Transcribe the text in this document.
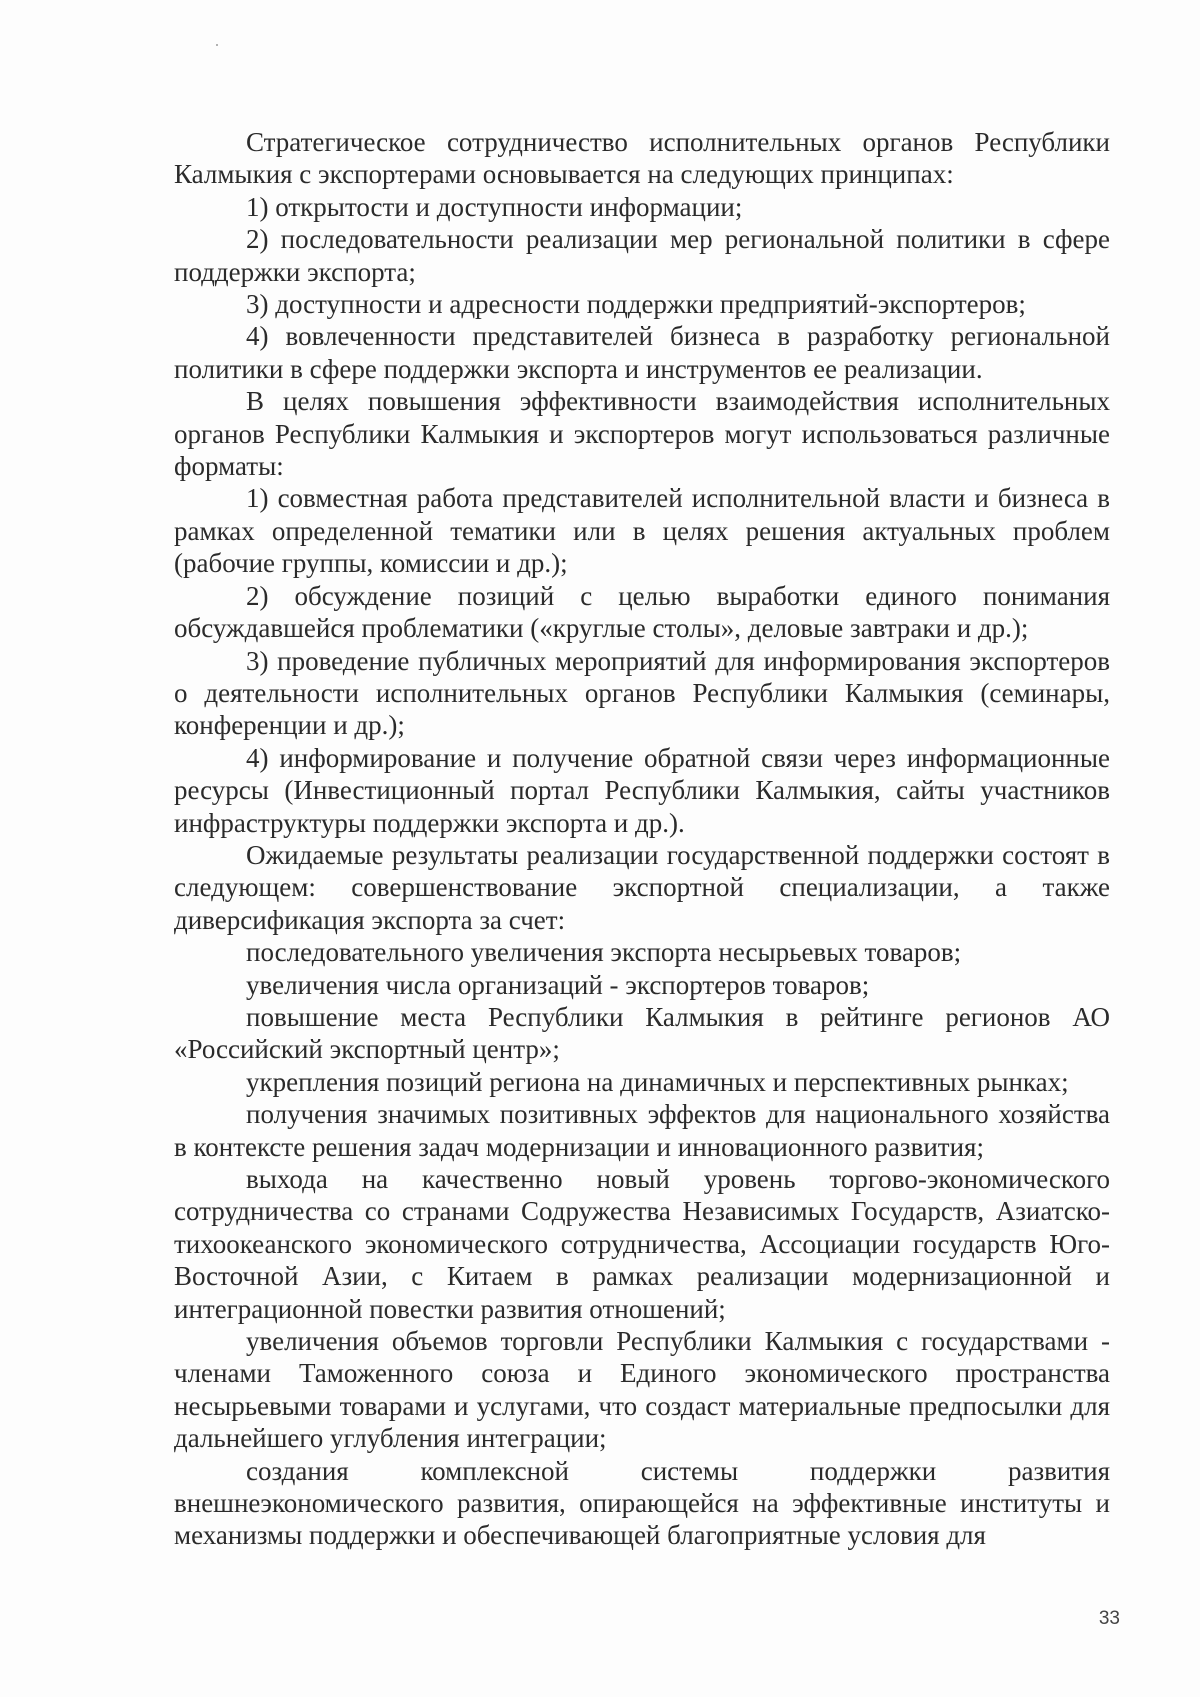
Стратегическое сотрудничество исполнительных органов Республики Калмыкия с экспортерами основывается на следующих принципах:

1) открытости и доступности информации;

2) последовательности реализации мер региональной политики в сфере поддержки экспорта;

3) доступности и адресности поддержки предприятий-экспортеров;

4) вовлеченности представителей бизнеса в разработку региональной политики в сфере поддержки экспорта и инструментов ее реализации.

В целях повышения эффективности взаимодействия исполнительных органов Республики Калмыкия и экспортеров могут использоваться различные форматы:

1) совместная работа представителей исполнительной власти и бизнеса в рамках определенной тематики или в целях решения актуальных проблем (рабочие группы, комиссии и др.);

2) обсуждение позиций с целью выработки единого понимания обсуждавшейся проблематики («круглые столы», деловые завтраки и др.);

3) проведение публичных мероприятий для информирования экспортеров о деятельности исполнительных органов Республики Калмыкия (семинары, конференции и др.);

4) информирование и получение обратной связи через информационные ресурсы (Инвестиционный портал Республики Калмыкия, сайты участников инфраструктуры поддержки экспорта и др.).

Ожидаемые результаты реализации государственной поддержки состоят в следующем: совершенствование экспортной специализации, а также диверсификация экспорта за счет:

последовательного увеличения экспорта несырьевых товаров;

увеличения числа организаций - экспортеров товаров;

повышение места Республики Калмыкия в рейтинге регионов АО «Российский экспортный центр»;

укрепления позиций региона на динамичных и перспективных рынках;

получения значимых позитивных эффектов для национального хозяйства в контексте решения задач модернизации и инновационного развития;

выхода на качественно новый уровень торгово-экономического сотрудничества со странами Содружества Независимых Государств, Азиатско-тихоокеанского экономического сотрудничества, Ассоциации государств Юго-Восточной Азии, с Китаем в рамках реализации модернизационной и интеграционной повестки развития отношений;

увеличения объемов торговли Республики Калмыкия с государствами - членами Таможенного союза и Единого экономического пространства несырьевыми товарами и услугами, что создаст материальные предпосылки для дальнейшего углубления интеграции;

создания комплексной системы поддержки развития внешнеэкономического развития, опирающейся на эффективные институты и механизмы поддержки и обеспечивающей благоприятные условия для

33
